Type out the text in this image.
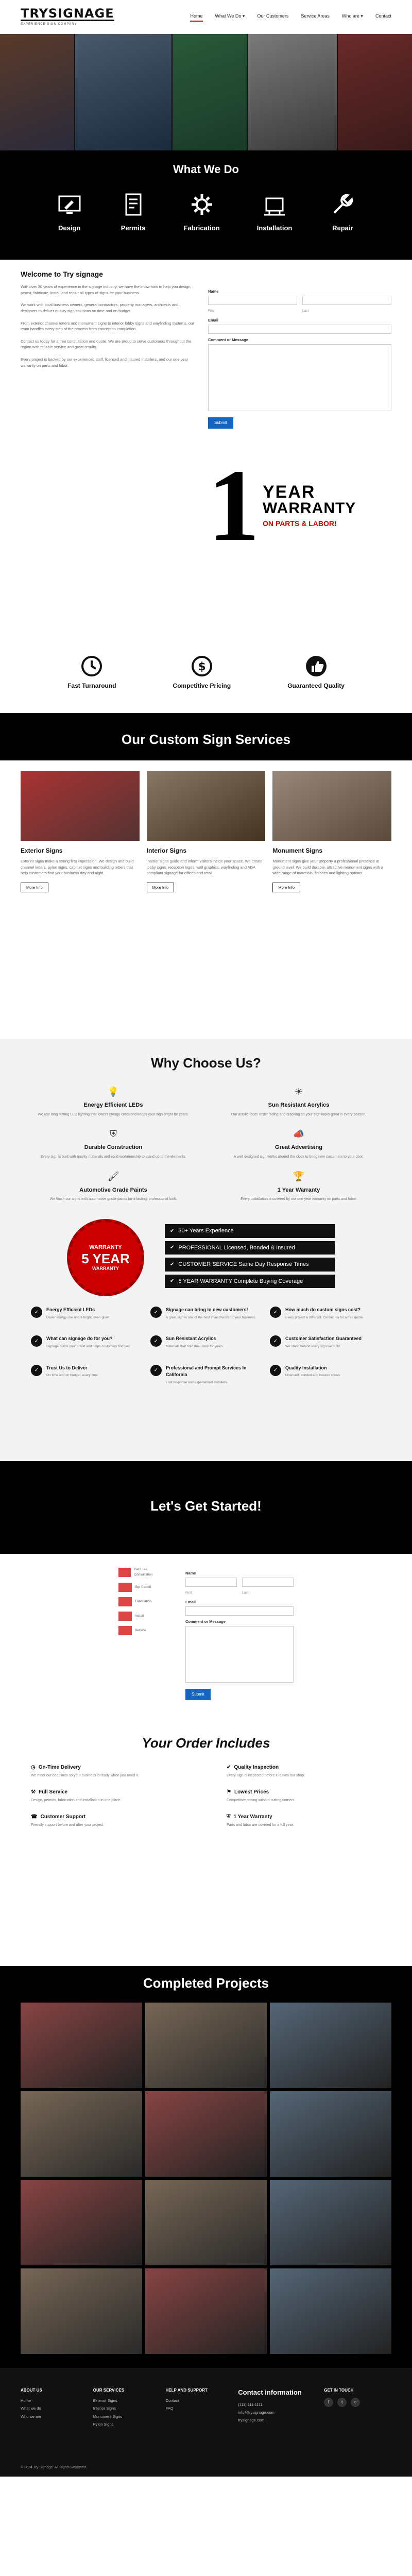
TRYSIGNAGE
EXPERIENCE SIGN COMPANY
Home	What We Do ▾	Our Customers	Service Areas	Who are ▾	Contact
What We Do
Design	Permits	Fabrication	Installation	Repair
Welcome to Try signage

With over 30 years of experience in the signage industry, we have the know-how to help you design, permit, fabricate, install and repair all types of signs for your business.

We work with local business owners, general contractors, property managers, architects and designers to deliver quality sign solutions on time and on budget.

From exterior channel letters and monument signs to interior lobby signs and wayfinding systems, our team handles every step of the process from concept to completion.

Contact us today for a free consultation and quote. We are proud to serve customers throughout the region with reliable service and great results.

Every project is backed by our experienced staff, licensed and insured installers, and our one year warranty on parts and labor.

Name
First	Last
Email
Comment or Message
Submit
1 YEAR
WARRANTY
ON PARTS & LABOR!
Fast Turnaround
$
Competitive Pricing	Guaranteed Quality
Our Custom Sign Services
Exterior Signs

Exterior signs make a strong first impression. We design and build channel letters, pylon signs, cabinet signs and building letters that help customers find your business day and night.

More Info
Interior Signs

Interior signs guide and inform visitors inside your space. We create lobby signs, reception logos, wall graphics, wayfinding and ADA compliant signage for offices and retail.

More Info
Monument Signs

Monument signs give your property a professional presence at ground level. We build durable, attractive monument signs with a wide range of materials, finishes and lighting options.

More Info
Why Choose Us?
💡
Energy Efficient LEDs

We use long lasting LED lighting that lowers energy costs and keeps your sign bright for years.

☀
Sun Resistant Acrylics

Our acrylic faces resist fading and cracking so your sign looks great in every season.

⛨
Durable Construction

Every sign is built with quality materials and solid workmanship to stand up to the elements.

📣
Great Advertising

A well designed sign works around the clock to bring new customers to your door.

🖌
Automotive Grade Paints

We finish our signs with automotive grade paints for a lasting, professional look.

🏆
1 Year Warranty

Every installation is covered by our one year warranty on parts and labor.

WARRANTY
5 YEAR
WARRANTY
✔ 30+ Years Experience
✔ PROFESSIONAL Licensed, Bonded & Insured
✔ CUSTOMER SERVICE Same Day Response Times
✔ 5 YEAR WARRANTY Complete Buying Coverage
✓	Energy Efficient LEDs

Lower energy use and a bright, even glow.

✓	Signage can bring in new customers!

A great sign is one of the best investments for your business.

✓	How much do custom signs cost?

Every project is different. Contact us for a free quote.

✓	What can signage do for you?

Signage builds your brand and helps customers find you.

✓	Sun Resistant Acrylics

Materials that hold their color for years.

✓	Customer Satisfaction Guaranteed

We stand behind every sign we build.

✓	Trust Us to Deliver

On time and on budget, every time.

✓	Professional and Prompt Services In California

Fast response and experienced installers.

✓	Quality Installation

Licensed, bonded and insured crews.

Let's Get Started!
Get Free Consultation
Get Permit
Fabrication
Install
Service
Name
First	Last
Email
Comment or Message
Submit
Your Order Includes
◷ On-Time Delivery

We meet our deadlines so your business is ready when you need it.

✔ Quality Inspection

Every sign is inspected before it leaves our shop.

⚒ Full Service

Design, permits, fabrication and installation in one place.

⚑ Lowest Prices

Competitive pricing without cutting corners.

☎ Customer Support

Friendly support before and after your project.

⛨ 1 Year Warranty

Parts and labor are covered for a full year.

Completed Projects
ABOUT US
Home
What we do
Who we are
OUR SERVICES
Exterior Signs
Interior Signs
Monument Signs
Pylon Signs
HELP AND SUPPORT
Contact
FAQ
Contact information
(111) 111-1111
info@trysignage.com
trysignage.com
GET IN TOUCH
f	t	○
© 2024 Try Signage. All Rights Reserved.
